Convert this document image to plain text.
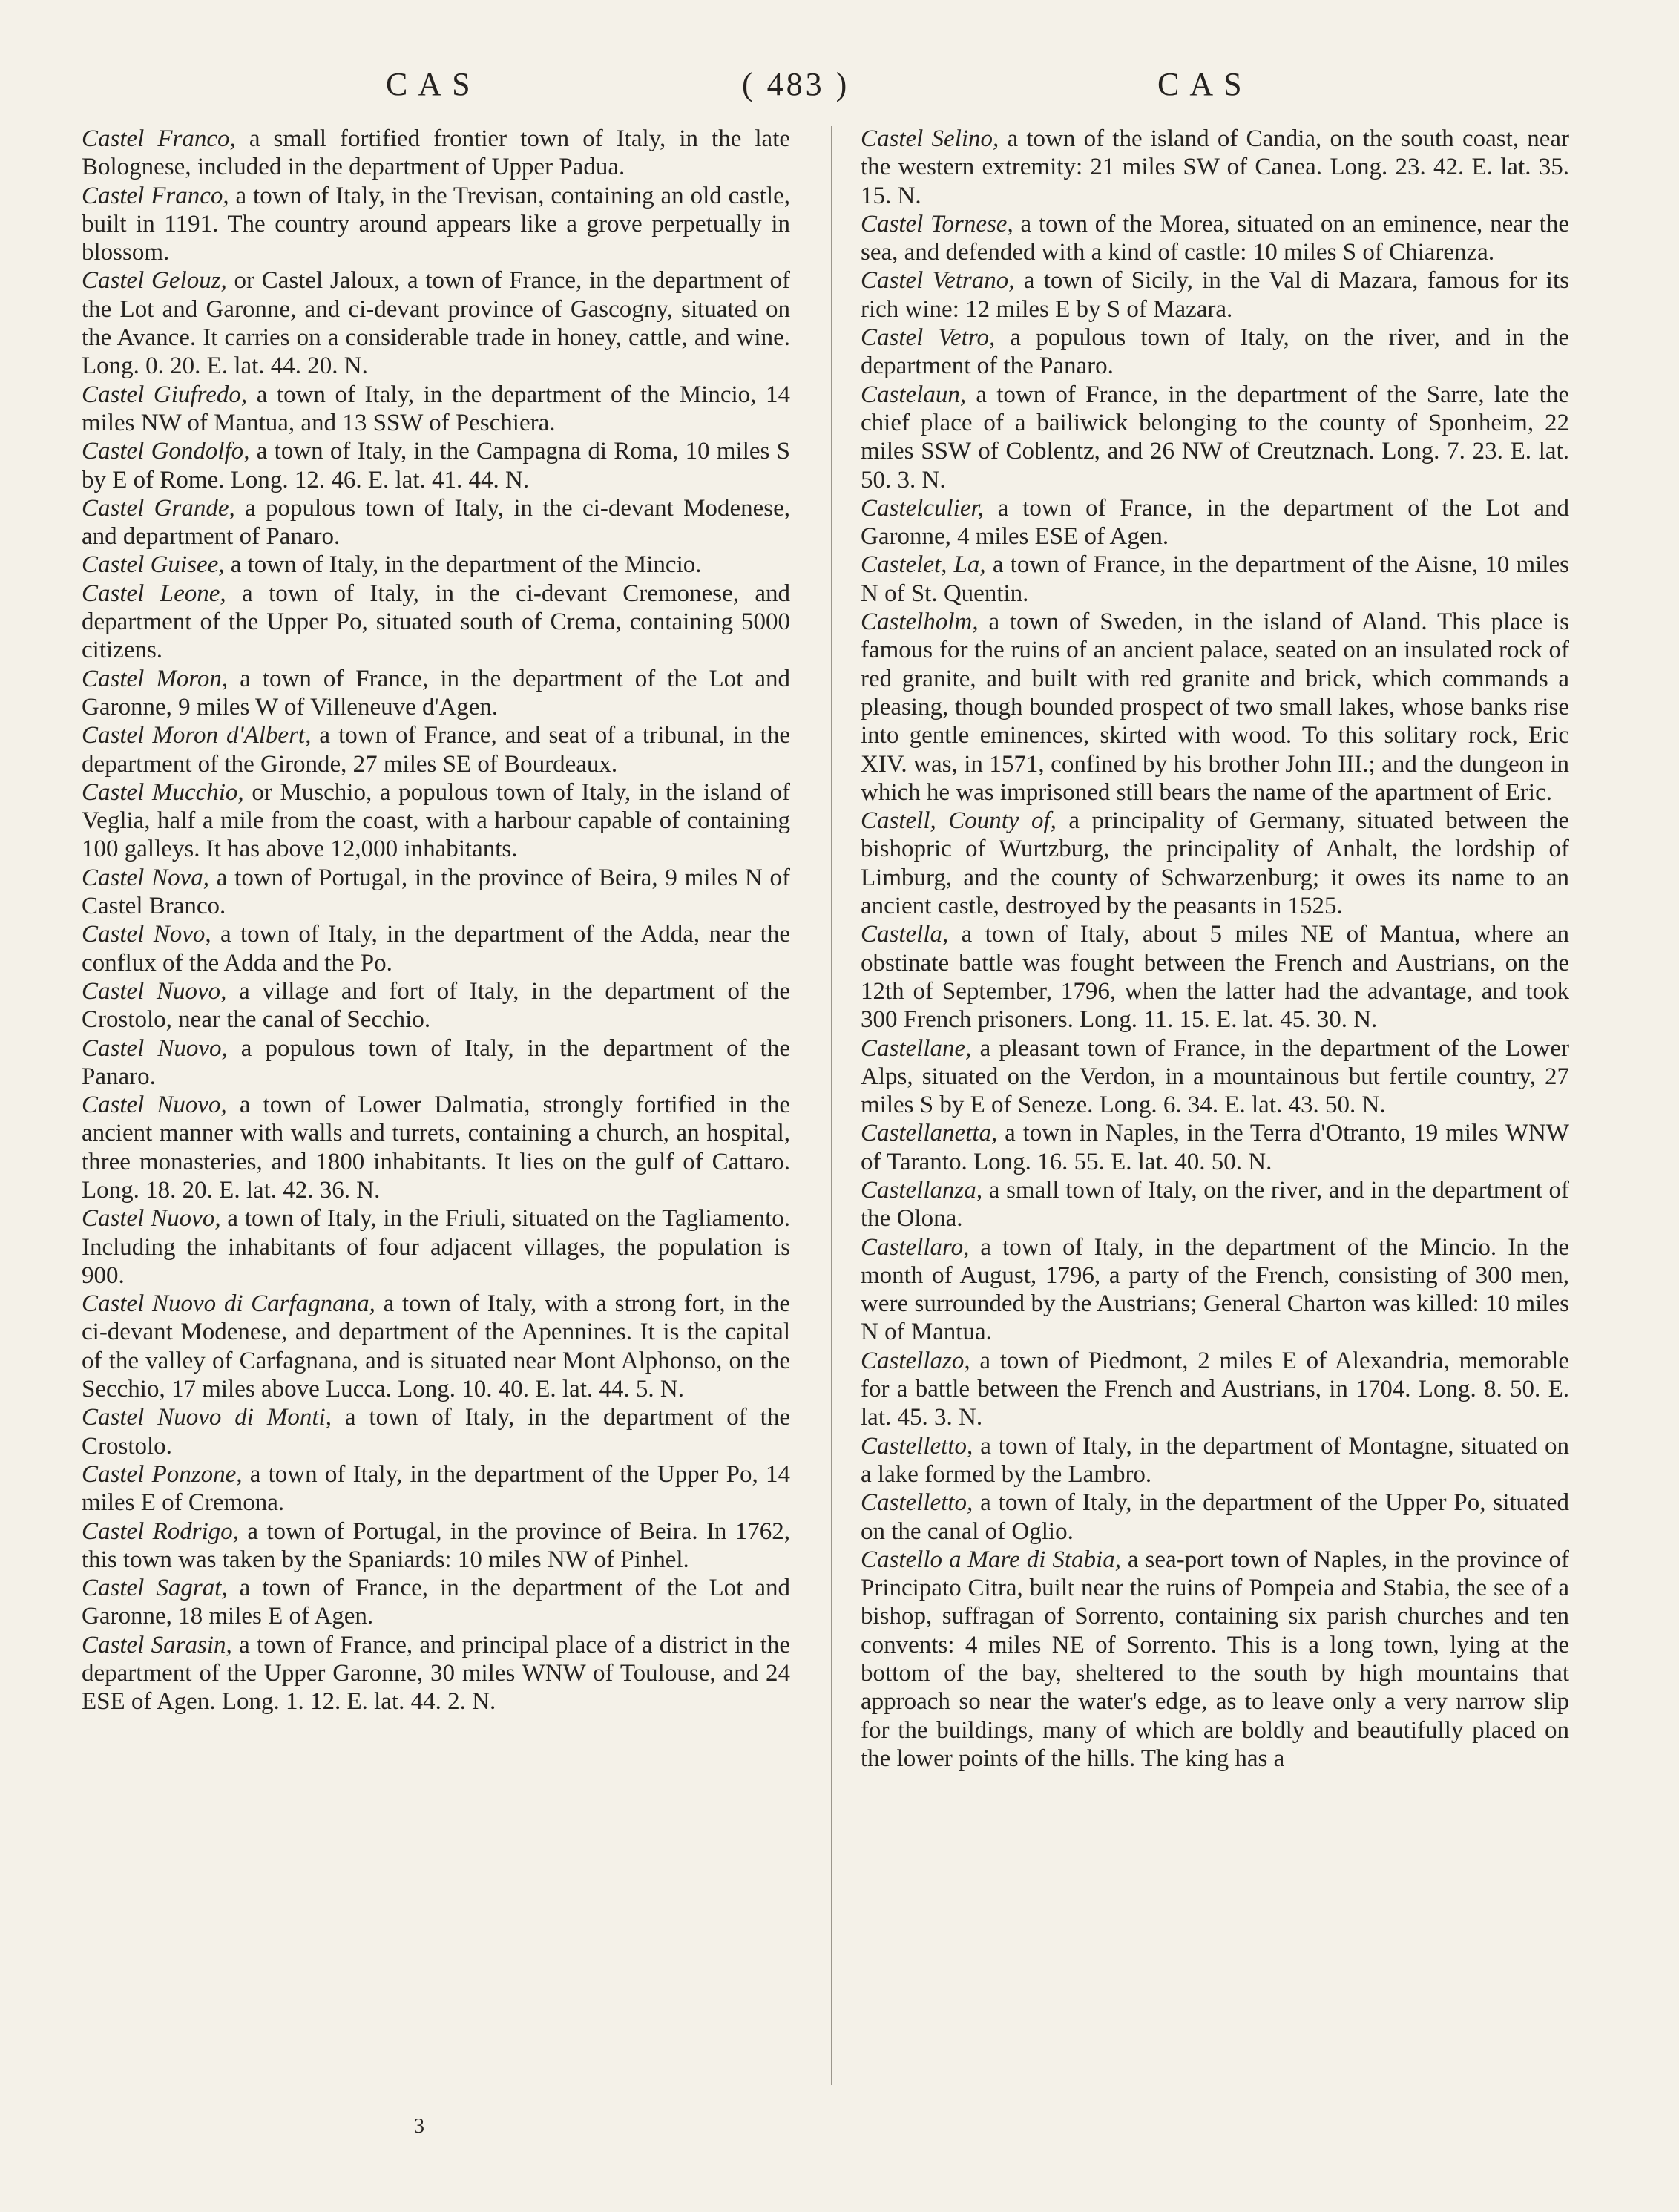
CAS	( 483 )	CAS

Castel Franco, a small fortified frontier town of Italy, in the late Bolognese, included in the department of Upper Padua.

Castel Franco, a town of Italy, in the Trevisan, containing an old castle, built in 1191. The country around appears like a grove perpetually in blossom.

Castel Gelouz, or Castel Jaloux, a town of France, in the department of the Lot and Garonne, and ci-devant province of Gascogny, situated on the Avance. It carries on a considerable trade in honey, cattle, and wine. Long. 0. 20. E. lat. 44. 20. N.

Castel Giufredo, a town of Italy, in the department of the Mincio, 14 miles NW of Mantua, and 13 SSW of Peschiera.

Castel Gondolfo, a town of Italy, in the Campagna di Roma, 10 miles S by E of Rome. Long. 12. 46. E. lat. 41. 44. N.

Castel Grande, a populous town of Italy, in the ci-devant Modenese, and department of Panaro.

Castel Guisee, a town of Italy, in the department of the Mincio.

Castel Leone, a town of Italy, in the ci-devant Cremonese, and department of the Upper Po, situated south of Crema, containing 5000 citizens.

Castel Moron, a town of France, in the department of the Lot and Garonne, 9 miles W of Villeneuve d'Agen.

Castel Moron d'Albert, a town of France, and seat of a tribunal, in the department of the Gironde, 27 miles SE of Bourdeaux.

Castel Mucchio, or Muschio, a populous town of Italy, in the island of Veglia, half a mile from the coast, with a harbour capable of containing 100 galleys. It has above 12,000 inhabitants.

Castel Nova, a town of Portugal, in the province of Beira, 9 miles N of Castel Branco.

Castel Novo, a town of Italy, in the department of the Adda, near the conflux of the Adda and the Po.

Castel Nuovo, a village and fort of Italy, in the department of the Crostolo, near the canal of Secchio.

Castel Nuovo, a populous town of Italy, in the department of the Panaro.

Castel Nuovo, a town of Lower Dalmatia, strongly fortified in the ancient manner with walls and turrets, containing a church, an hospital, three monasteries, and 1800 inhabitants. It lies on the gulf of Cattaro. Long. 18. 20. E. lat. 42. 36. N.

Castel Nuovo, a town of Italy, in the Friuli, situated on the Tagliamento. Including the inhabitants of four adjacent villages, the population is 900.

Castel Nuovo di Carfagnana, a town of Italy, with a strong fort, in the ci-devant Modenese, and department of the Apennines. It is the capital of the valley of Carfagnana, and is situated near Mont Alphonso, on the Secchio, 17 miles above Lucca. Long. 10. 40. E. lat. 44. 5. N.

Castel Nuovo di Monti, a town of Italy, in the department of the Crostolo.

Castel Ponzone, a town of Italy, in the department of the Upper Po, 14 miles E of Cremona.

Castel Rodrigo, a town of Portugal, in the province of Beira. In 1762, this town was taken by the Spaniards: 10 miles NW of Pinhel.

Castel Sagrat, a town of France, in the department of the Lot and Garonne, 18 miles E of Agen.

Castel Sarasin, a town of France, and principal place of a district in the department of the Upper Garonne, 30 miles WNW of Toulouse, and 24 ESE of Agen. Long. 1. 12. E. lat. 44. 2. N.

Castel Selino, a town of the island of Candia, on the south coast, near the western extremity: 21 miles SW of Canea. Long. 23. 42. E. lat. 35. 15. N.

Castel Tornese, a town of the Morea, situated on an eminence, near the sea, and defended with a kind of castle: 10 miles S of Chiarenza.

Castel Vetrano, a town of Sicily, in the Val di Mazara, famous for its rich wine: 12 miles E by S of Mazara.

Castel Vetro, a populous town of Italy, on the river, and in the department of the Panaro.

Castelaun, a town of France, in the department of the Sarre, late the chief place of a bailiwick belonging to the county of Sponheim, 22 miles SSW of Coblentz, and 26 NW of Creutznach. Long. 7. 23. E. lat. 50. 3. N.

Castelculier, a town of France, in the department of the Lot and Garonne, 4 miles ESE of Agen.

Castelet, La, a town of France, in the department of the Aisne, 10 miles N of St. Quentin.

Castelholm, a town of Sweden, in the island of Aland. This place is famous for the ruins of an ancient palace, seated on an insulated rock of red granite, and built with red granite and brick, which commands a pleasing, though bounded prospect of two small lakes, whose banks rise into gentle eminences, skirted with wood. To this solitary rock, Eric XIV. was, in 1571, confined by his brother John III.; and the dungeon in which he was imprisoned still bears the name of the apartment of Eric.

Castell, County of, a principality of Germany, situated between the bishopric of Wurtzburg, the principality of Anhalt, the lordship of Limburg, and the county of Schwarzenburg; it owes its name to an ancient castle, destroyed by the peasants in 1525.

Castella, a town of Italy, about 5 miles NE of Mantua, where an obstinate battle was fought between the French and Austrians, on the 12th of September, 1796, when the latter had the advantage, and took 300 French prisoners. Long. 11. 15. E. lat. 45. 30. N.

Castellane, a pleasant town of France, in the department of the Lower Alps, situated on the Verdon, in a mountainous but fertile country, 27 miles S by E of Seneze. Long. 6. 34. E. lat. 43. 50. N.

Castellanetta, a town in Naples, in the Terra d'Otranto, 19 miles WNW of Taranto. Long. 16. 55. E. lat. 40. 50. N.

Castellanza, a small town of Italy, on the river, and in the department of the Olona.

Castellaro, a town of Italy, in the department of the Mincio. In the month of August, 1796, a party of the French, consisting of 300 men, were surrounded by the Austrians; General Charton was killed: 10 miles N of Mantua.

Castellazo, a town of Piedmont, 2 miles E of Alexandria, memorable for a battle between the French and Austrians, in 1704. Long. 8. 50. E. lat. 45. 3. N.

Castelletto, a town of Italy, in the department of Montagne, situated on a lake formed by the Lambro.

Castelletto, a town of Italy, in the department of the Upper Po, situated on the canal of Oglio.

Castello a Mare di Stabia, a sea-port town of Naples, in the province of Principato Citra, built near the ruins of Pompeia and Stabia, the see of a bishop, suffragan of Sorrento, containing six parish churches and ten convents: 4 miles NE of Sorrento. This is a long town, lying at the bottom of the bay, sheltered to the south by high mountains that approach so near the water's edge, as to leave only a very narrow slip for the buildings, many of which are boldly and beautifully placed on the lower points of the hills. The king has a

3
